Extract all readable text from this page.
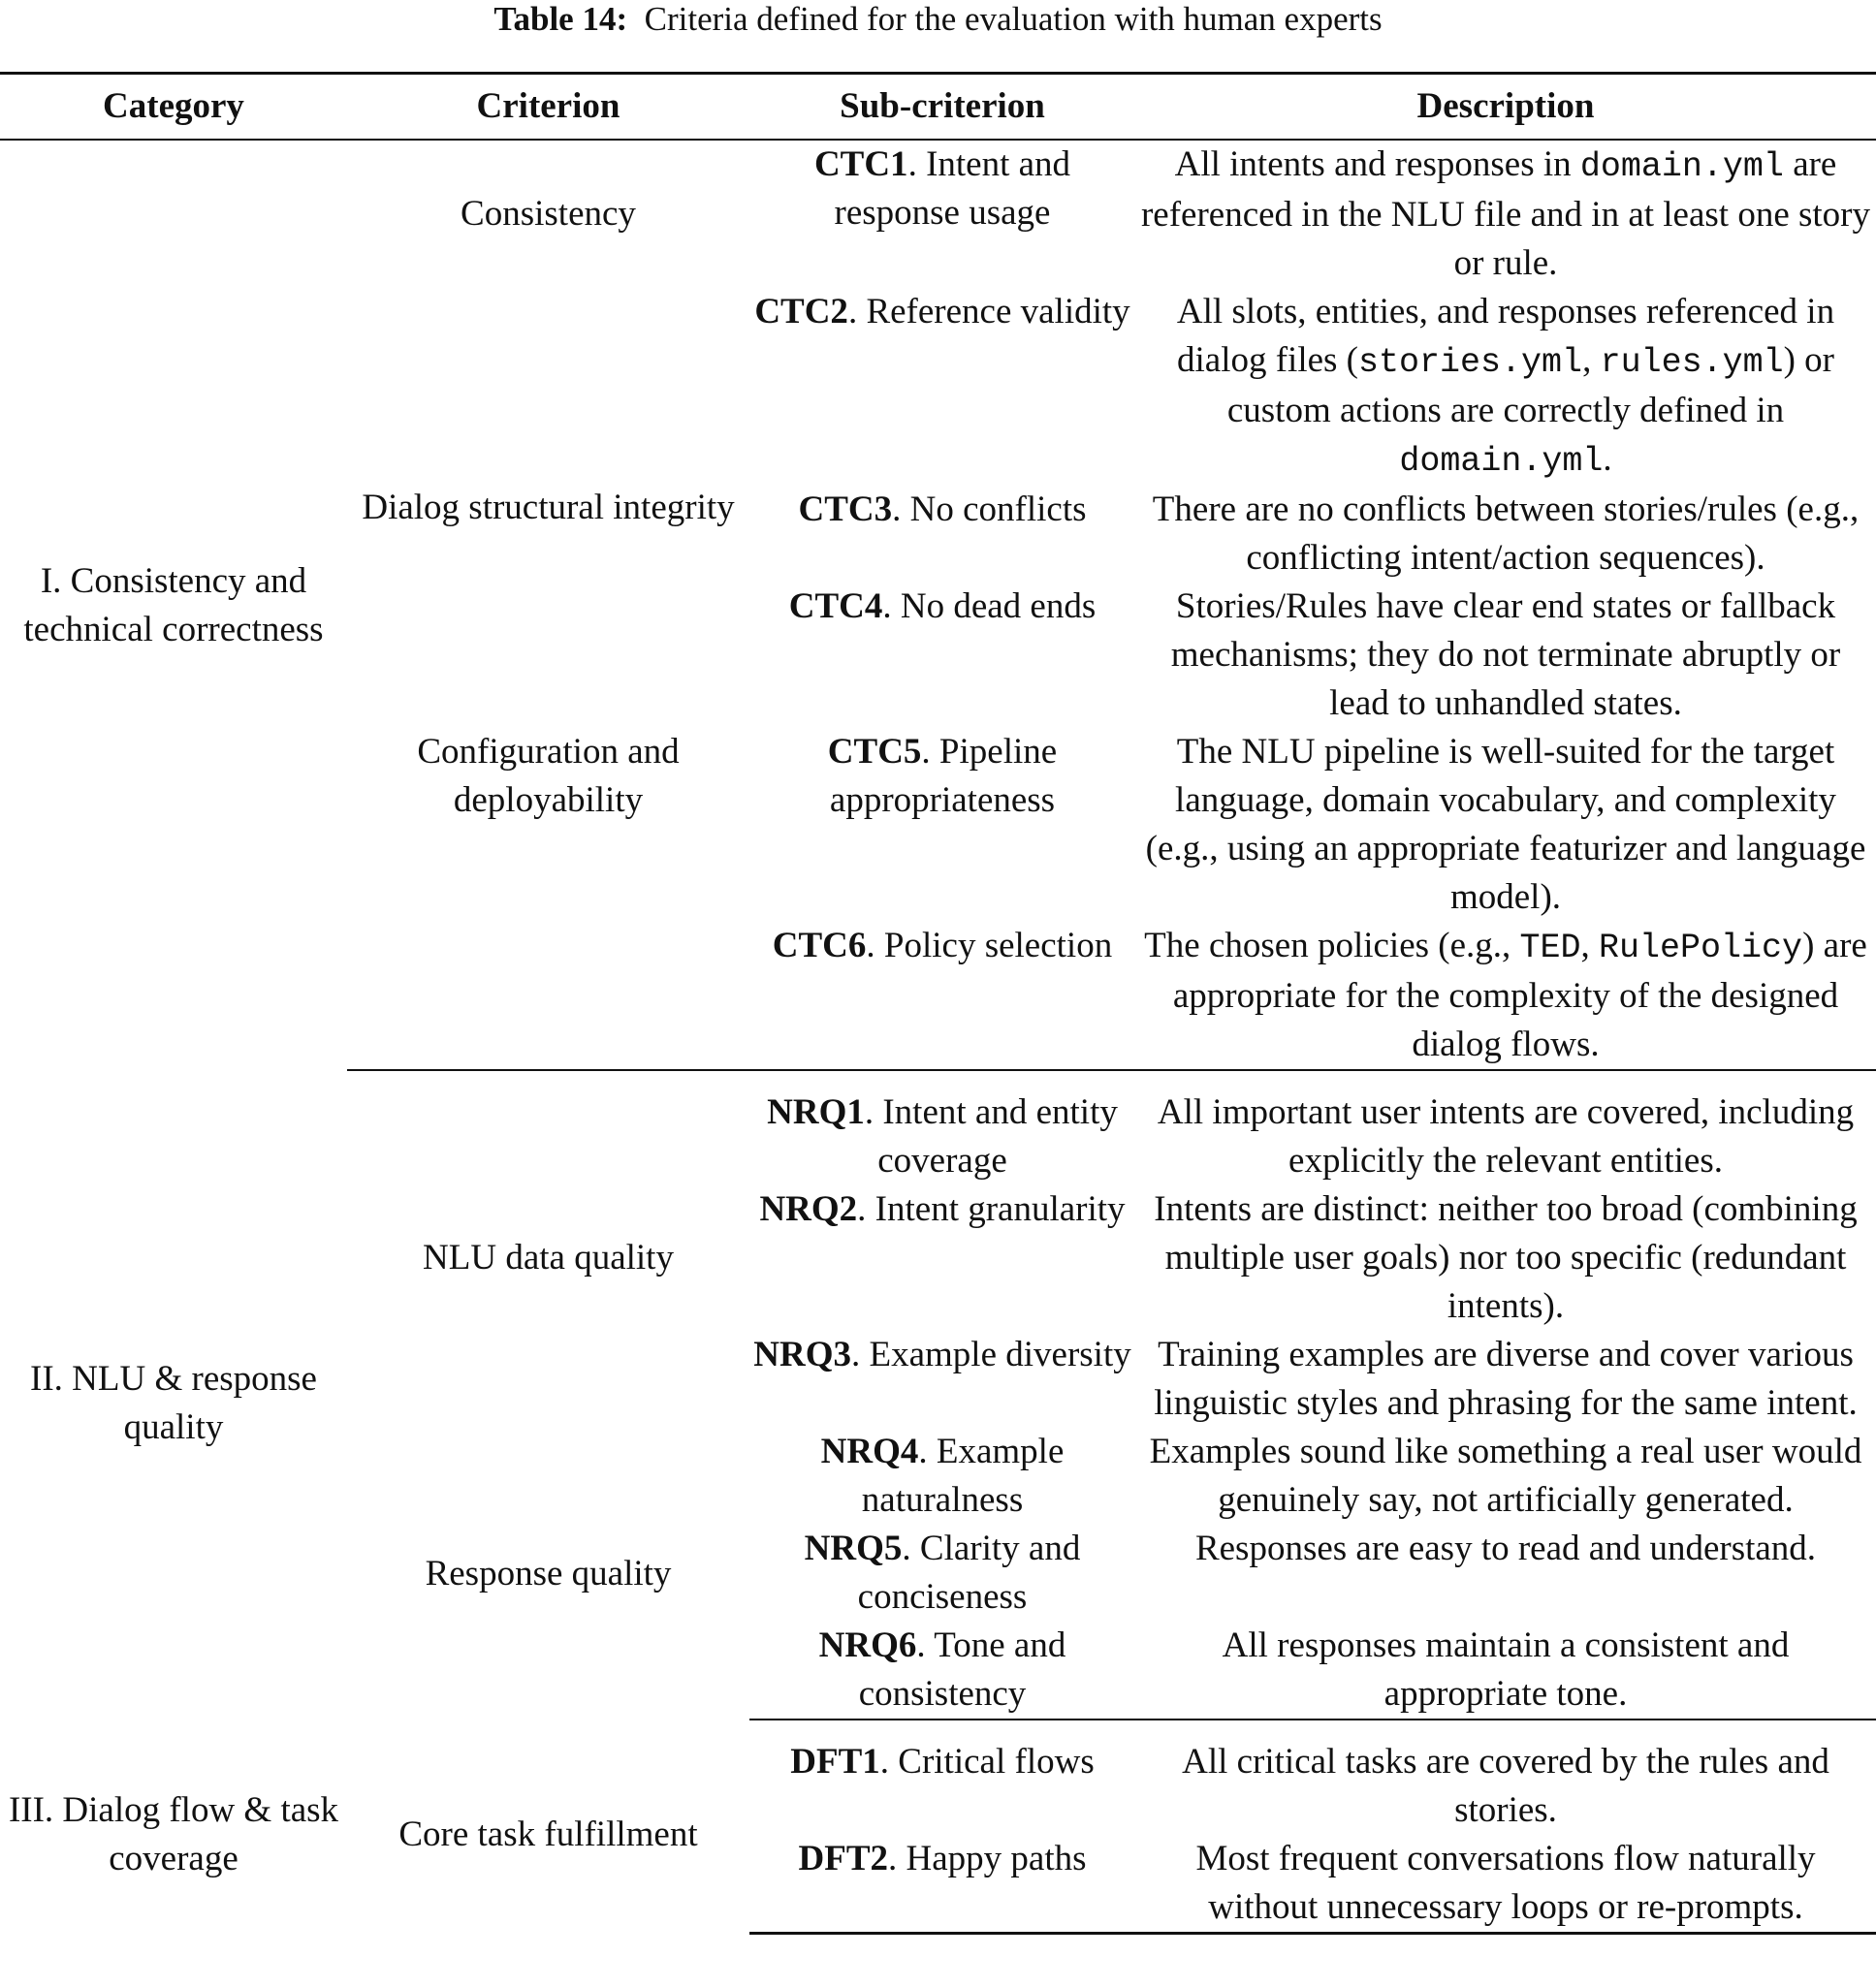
Table 14: Criteria defined for the evaluation with human experts
Category	Criterion	Sub-criterion	Description
I. Consistency and technical correctness	Consistency	CTC1. Intent and response usage	All intents and responses in domain.yml are referenced in the NLU file and in at least one story or rule.
	Dialog structural integrity	CTC2. Reference validity	All slots, entities, and responses referenced in dialog files (stories.yml, rules.yml) or custom actions are correctly defined in domain.yml.
		CTC3. No conflicts	There are no conflicts between stories/rules (e.g., conflicting intent/action sequences).
		CTC4. No dead ends	Stories/Rules have clear end states or fallback mechanisms; they do not terminate abruptly or lead to unhandled states.
	Configuration and deployability	CTC5. Pipeline appropriateness	The NLU pipeline is well-suited for the target language, domain vocabulary, and complexity (e.g., using an appropriate featurizer and language model).
		CTC6. Policy selection	The chosen policies (e.g., TED, RulePolicy) are appropriate for the complexity of the designed dialog flows.
II. NLU & response quality	NLU data quality	NRQ1. Intent and entity coverage	All important user intents are covered, including explicitly the relevant entities.
		NRQ2. Intent granularity	Intents are distinct: neither too broad (combining multiple user goals) nor too specific (redundant intents).
		NRQ3. Example diversity	Training examples are diverse and cover various linguistic styles and phrasing for the same intent.
	Response quality	NRQ4. Example naturalness	Examples sound like something a real user would genuinely say, not artificially generated.
		NRQ5. Clarity and conciseness	Responses are easy to read and understand.
		NRQ6. Tone and consistency	All responses maintain a consistent and appropriate tone.
III. Dialog flow & task coverage	Core task fulfillment	DFT1. Critical flows	All critical tasks are covered by the rules and stories.
		DFT2. Happy paths	Most frequent conversations flow naturally without unnecessary loops or re-prompts.
